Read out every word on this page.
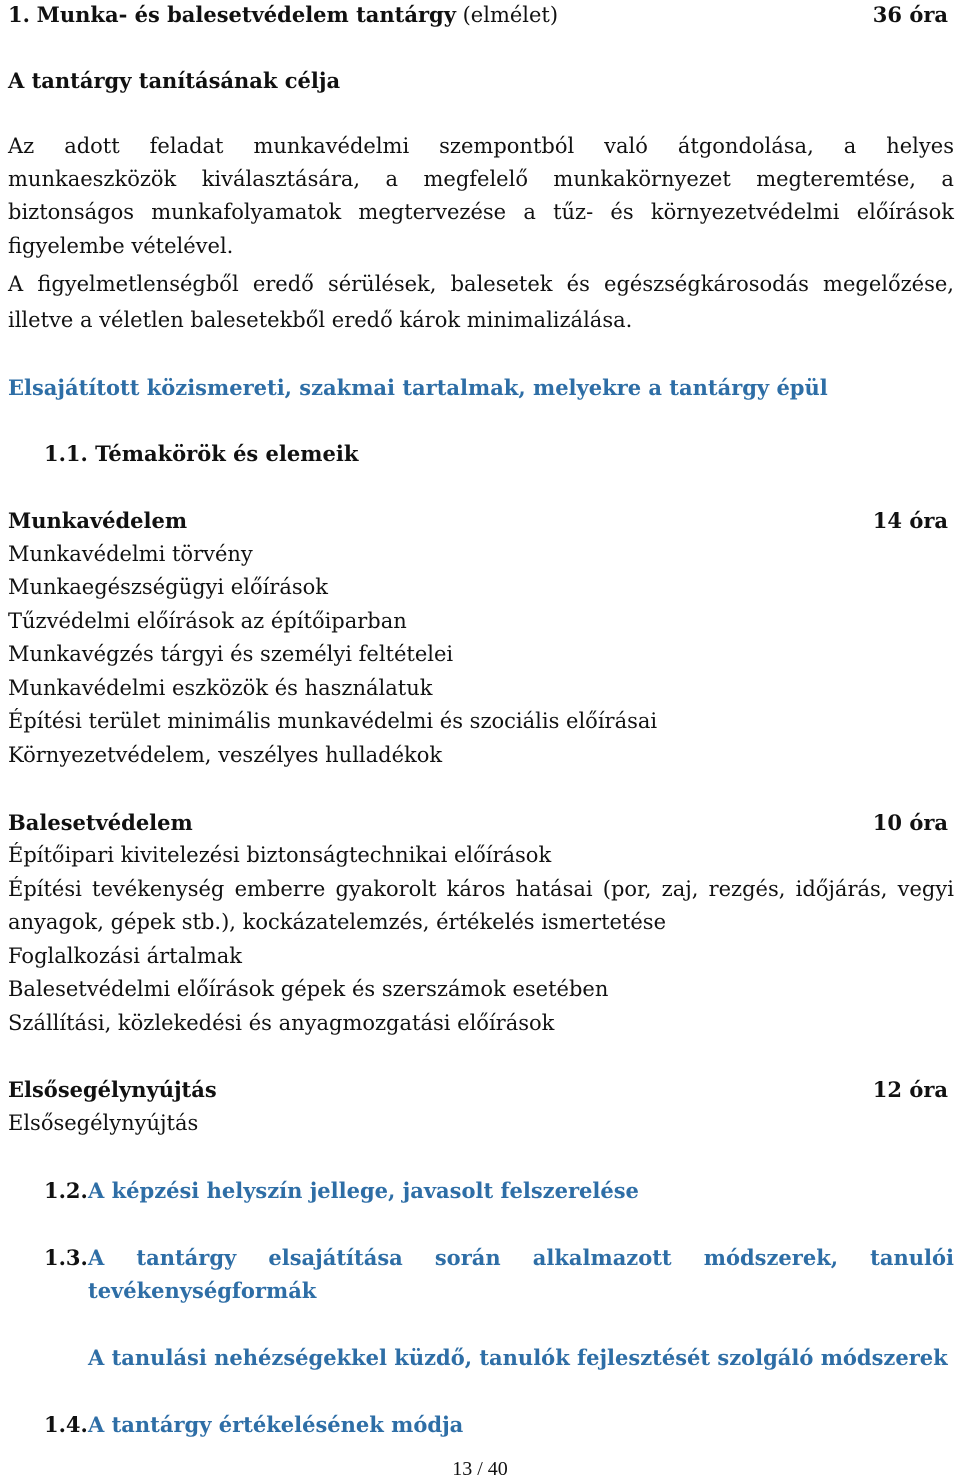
1. Munka- és balesetvédelem tantárgy (elmélet)	36 óra
A tantárgy tanításának célja
Az adott feladat munkavédelmi szempontból való átgondolása, a helyes
munkaeszközök kiválasztására, a megfelelő munkakörnyezet megteremtése, a
biztonságos munkafolyamatok megtervezése a tűz- és környezetvédelmi előírások
figyelembe vételével.
A figyelmetlenségből eredő sérülések, balesetek és egészségkárosodás megelőzése,
illetve a véletlen balesetekből eredő károk minimalizálása.
Elsajátított közismereti, szakmai tartalmak, melyekre a tantárgy épül
1.1. Témakörök és elemeik
Munkavédelem	14 óra
Munkavédelmi törvény
Munkaegészségügyi előírások
Tűzvédelmi előírások az építőiparban
Munkavégzés tárgyi és személyi feltételei
Munkavédelmi eszközök és használatuk
Építési terület minimális munkavédelmi és szociális előírásai
Környezetvédelem, veszélyes hulladékok
Balesetvédelem	10 óra
Építőipari kivitelezési biztonságtechnikai előírások
Építési tevékenység emberre gyakorolt káros hatásai (por, zaj, rezgés, időjárás, vegyi
anyagok, gépek stb.), kockázatelemzés, értékelés ismertetése
Foglalkozási ártalmak
Balesetvédelmi előírások gépek és szerszámok esetében
Szállítási, közlekedési és anyagmozgatási előírások
Elsősegélynyújtás	12 óra
Elsősegélynyújtás
1.2. A képzési helyszín jellege, javasolt felszerelése
1.3. A tantárgy elsajátítása során alkalmazott módszerek, tanulói
tevékenységformák
A tanulási nehézségekkel küzdő, tanulók fejlesztését szolgáló módszerek
1.4. A tantárgy értékelésének módja
13 / 40
